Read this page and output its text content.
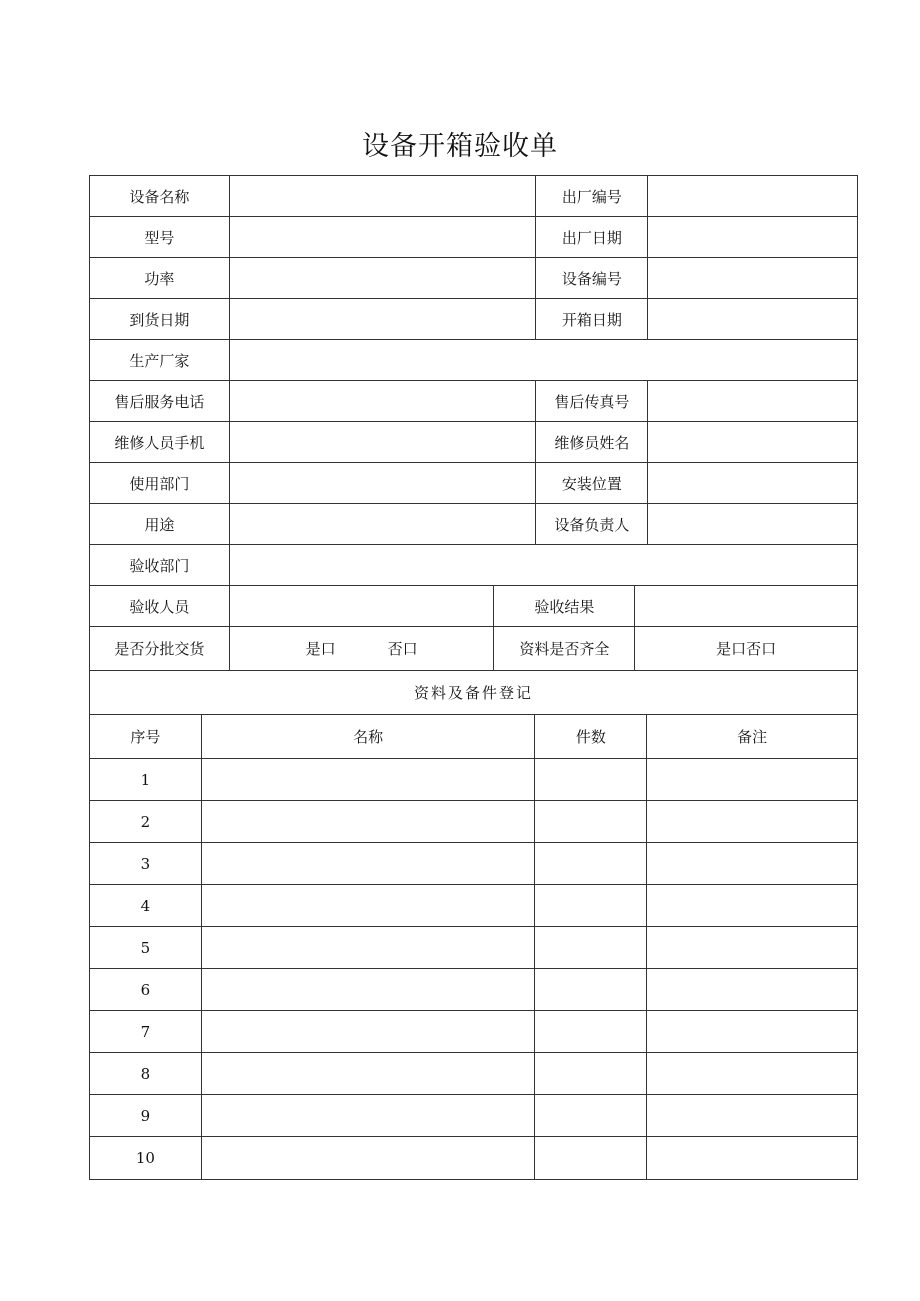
设备开箱验收单
设备名称	出厂编号
型号	出厂日期
功率	设备编号
到货日期	开箱日期
生产厂家
售后服务电话	售后传真号
维修人员手机	维修员姓名
使用部门	安装位置
用途	设备负责人
验收部门
验收人员	验收结果
是否分批交货	是口	否口	资料是否齐全	是口否口
资料及备件登记
序号	名称	件数	备注
1
2
3
4
5
6
7
8
9
10
